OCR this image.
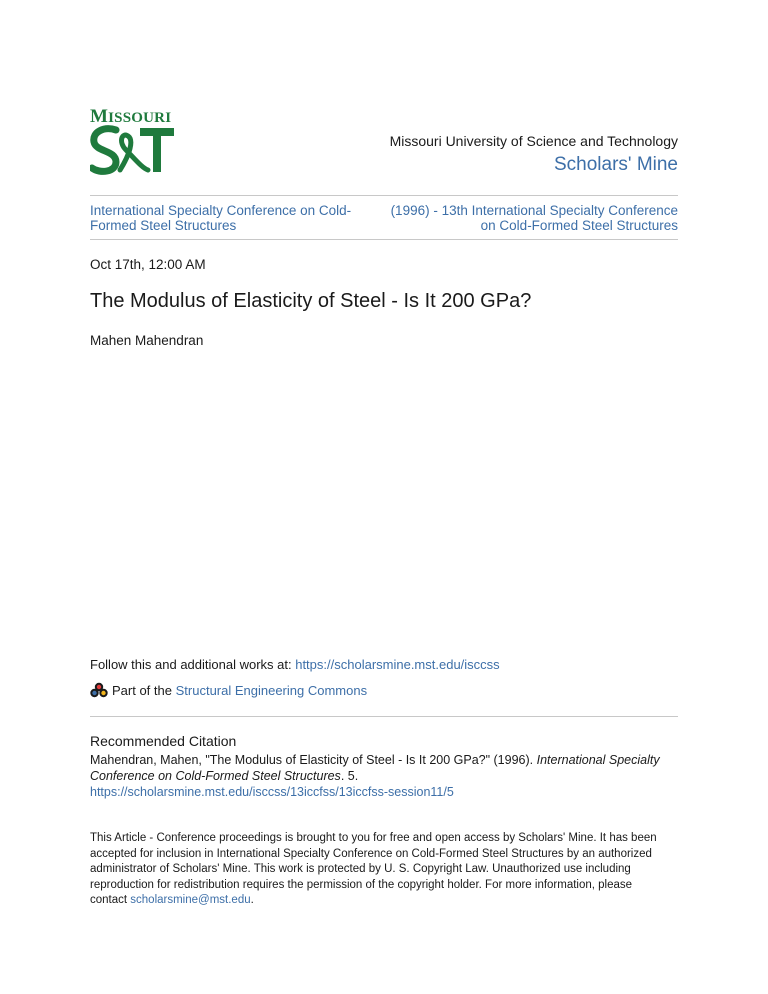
MISSOURI
Missouri University of Science and Technology
Scholars' Mine
International Specialty Conference on Cold-Formed Steel Structures
(1996) - 13th International Specialty Conference on Cold-Formed Steel Structures
Oct 17th, 12:00 AM
The Modulus of Elasticity of Steel - Is It 200 GPa?
Mahen Mahendran
Follow this and additional works at: https://scholarsmine.mst.edu/isccss
Part of the
Structural Engineering Commons
Recommended Citation
Mahendran, Mahen, "The Modulus of Elasticity of Steel - Is It 200 GPa?" (1996). International Specialty Conference on Cold-Formed Steel Structures. 5.
https://scholarsmine.mst.edu/isccss/13iccfss/13iccfss-session11/5
This Article - Conference proceedings is brought to you for free and open access by Scholars' Mine. It has been accepted for inclusion in International Specialty Conference on Cold-Formed Steel Structures by an authorized administrator of Scholars' Mine. This work is protected by U. S. Copyright Law. Unauthorized use including reproduction for redistribution requires the permission of the copyright holder. For more information, please contact scholarsmine@mst.edu.
